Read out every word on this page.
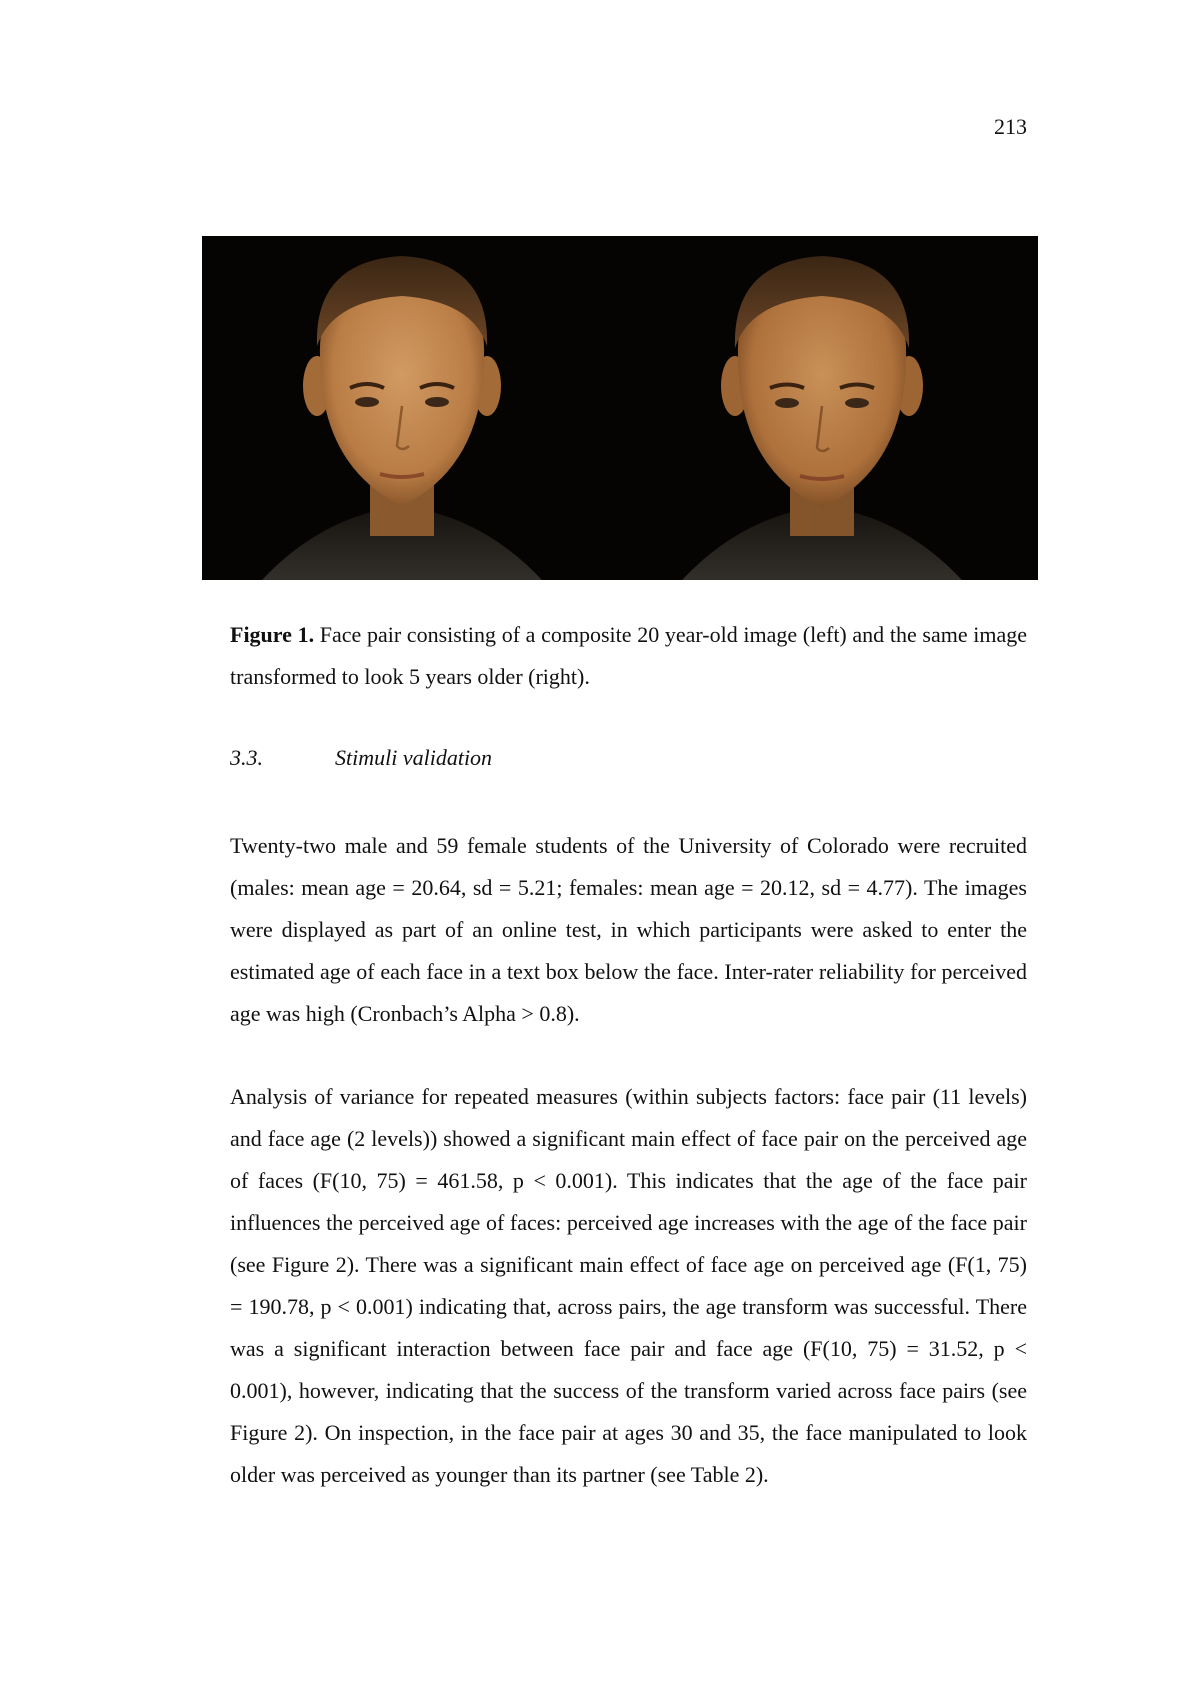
213
Figure 1. Face pair consisting of a composite 20 year-old image (left) and the same image transformed to look 5 years older (right).
3.3.	Stimuli validation

Twenty-two male and 59 female students of the University of Colorado were recruited (males: mean age = 20.64, sd = 5.21; females: mean age = 20.12, sd = 4.77). The images were displayed as part of an online test, in which participants were asked to enter the estimated age of each face in a text box below the face. Inter-rater reliability for perceived age was high (Cronbach’s Alpha > 0.8).

Analysis of variance for repeated measures (within subjects factors: face pair (11 levels) and face age (2 levels)) showed a significant main effect of face pair on the perceived age of faces (F(10, 75) = 461.58, p < 0.001). This indicates that the age of the face pair influences the perceived age of faces: perceived age increases with the age of the face pair (see Figure 2). There was a significant main effect of face age on perceived age (F(1, 75) = 190.78, p < 0.001) indicating that, across pairs, the age transform was successful. There was a significant interaction between face pair and face age (F(10, 75) = 31.52, p < 0.001), however, indicating that the success of the transform varied across face pairs (see Figure 2). On inspection, in the face pair at ages 30 and 35, the face manipulated to look older was perceived as younger than its partner (see Table 2).
